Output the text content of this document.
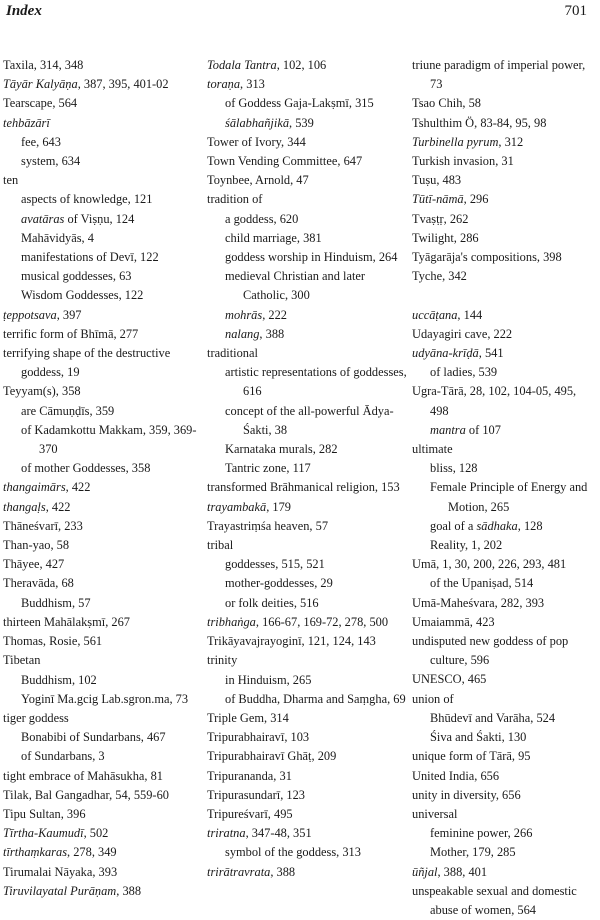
Index	701
Taxila, 314, 348
Tāyār Kalyāṇa, 387, 395, 401-02
Tearscape, 564
tehbāzārī
fee, 643
system, 634
ten
aspects of knowledge, 121
avatāras of Viṣṇu, 124
Mahāvidyās, 4
manifestations of Devī, 122
musical goddesses, 63
Wisdom Goddesses, 122
ṭeppotsava, 397
terrific form of Bhīmā, 277
terrifying shape of the destructive goddess, 19
Teyyam(s), 358
are Cāmuṇḍīs, 359
of Kadamkottu Makkam, 359, 369-370
of mother Goddesses, 358
thangaimārs, 422
thangaḷs, 422
Thāneśvarī, 233
Than-yao, 58
Thāyee, 427
Theravāda, 68
Buddhism, 57
thirteen Mahālakṣmī, 267
Thomas, Rosie, 561
Tibetan
Buddhism, 102
Yoginī Ma.gcig Lab.sgron.ma, 73
tiger goddess
Bonabibi of Sundarbans, 467
of Sundarbans, 3
tight embrace of Mahāsukha, 81
Tilak, Bal Gangadhar, 54, 559-60
Tipu Sultan, 396
Tīrtha-Kaumudī, 502
tīrthaṃkaras, 278, 349
Tirumalai Nāyaka, 393
Tiruvilayatal Purāṇam, 388
Todala Tantra, 102, 106
toraṇa, 313
of Goddess Gaja-Lakṣmī, 315
śālabhañjikā, 539
Tower of Ivory, 344
Town Vending Committee, 647
Toynbee, Arnold, 47
tradition of
a goddess, 620
child marriage, 381
goddess worship in Hinduism, 264
medieval Christian and later Catholic, 300
mohrās, 222
nalang, 388
traditional
artistic representations of goddesses, 616
concept of the all-powerful Ādya-Śakti, 38
Karnataka murals, 282
Tantric zone, 117
transformed Brāhmanical religion, 153
trayambakā, 179
Trayastriṃśa heaven, 57
tribal
goddesses, 515, 521
mother-goddesses, 29
or folk deities, 516
tribhaṅga, 166-67, 169-72, 278, 500
Trikāyavajrayoginī, 121, 124, 143
trinity
in Hinduism, 265
of Buddha, Dharma and Saṃgha, 69
Triple Gem, 314
Tripurabhairavī, 103
Tripurabhairavī Ghāṭ, 209
Tripurananda, 31
Tripurasundarī, 123
Tripureśvarī, 495
triratna, 347-48, 351
symbol of the goddess, 313
trirātravrata, 388
triune paradigm of imperial power, 73
Tsao Chih, 58
Tshulthim Ö, 83-84, 95, 98
Turbinella pyrum, 312
Turkish invasion, 31
Tuṣu, 483
Tūtī-nāmā, 296
Tvaṣṭṛ, 262
Twilight, 286
Tyāgarāja's compositions, 398
Tyche, 342
uccāṭana, 144
Udayagiri cave, 222
udyāna-krīḍā, 541
of ladies, 539
Ugra-Tārā, 28, 102, 104-05, 495, 498
mantra of 107
ultimate
bliss, 128
Female Principle of Energy and Motion, 265
goal of a sādhaka, 128
Reality, 1, 202
Umā, 1, 30, 200, 226, 293, 481
of the Upaniṣad, 514
Umā-Maheśvara, 282, 393
Umaiammā, 423
undisputed new goddess of pop culture, 596
UNESCO, 465
union of
Bhūdevī and Varāha, 524
Śiva and Śakti, 130
unique form of Tārā, 95
United India, 656
unity in diversity, 656
universal
feminine power, 266
Mother, 179, 285
ūñjal, 388, 401
unspeakable sexual and domestic abuse of women, 564
